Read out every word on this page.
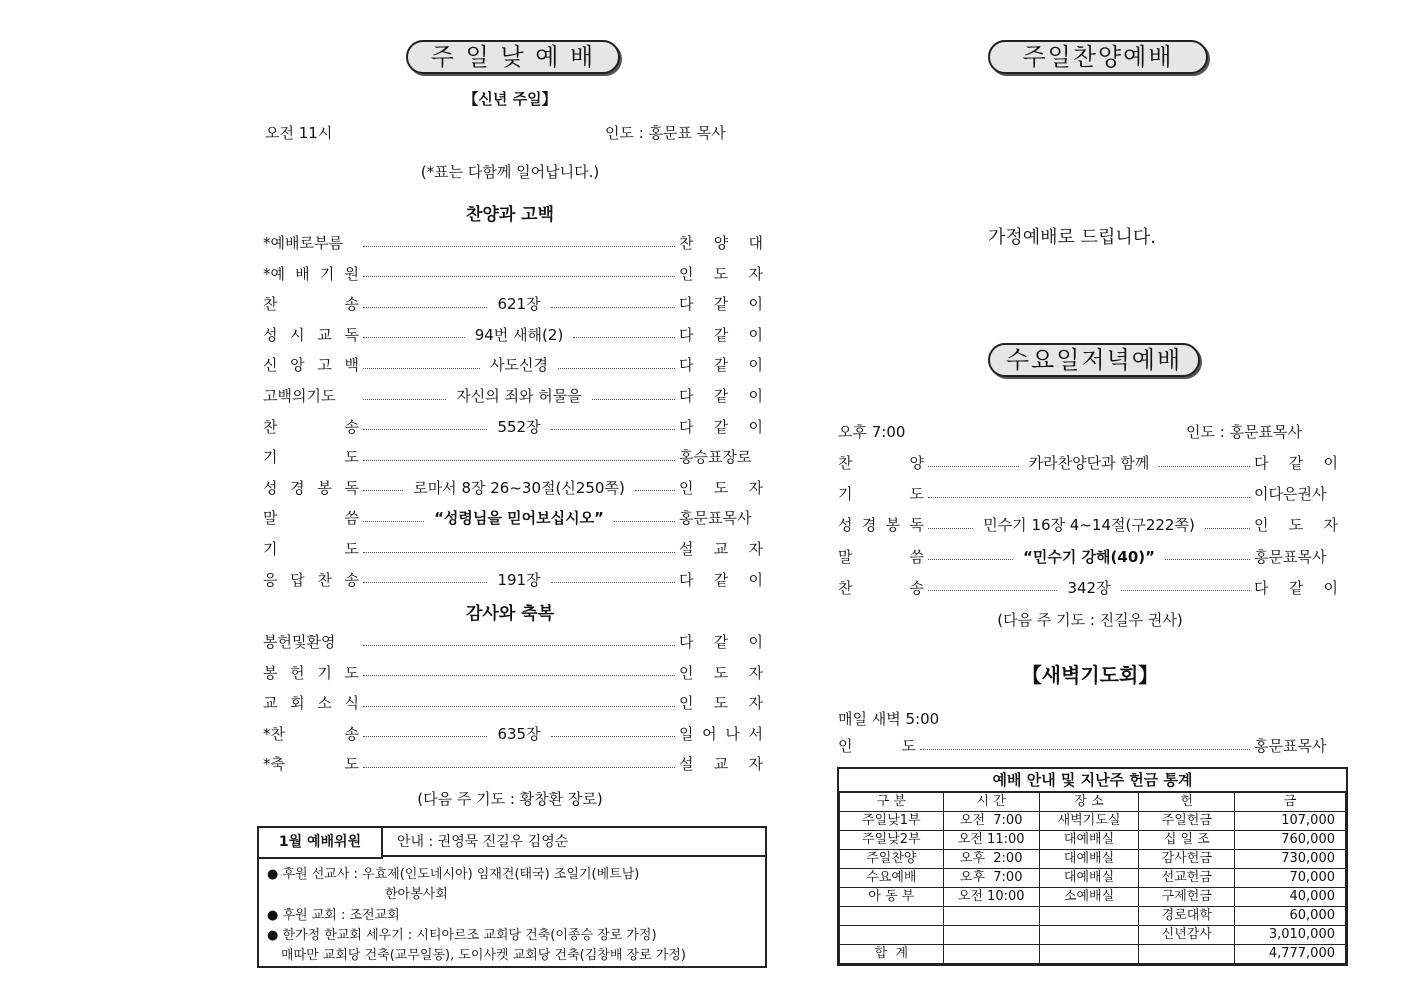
주 일 낮 예 배
【신년 주일】
오전 11시	인도 : 홍문표 목사
(*표는 다함께 일어납니다.)
찬양과 고백
*예배로부름	찬 양 대
*예 배 기 원	인 도 자
찬 송	621장	다 같 이
성 시 교 독	94번 새해(2)	다 같 이
신 앙 고 백	사도신경	다 같 이
고백의기도	자신의 죄와 허물을	다 같 이
찬 송	552장	다 같 이
기 도	홍승표장로
성 경 봉 독	로마서 8장 26~30절(신250쪽)	인 도 자
말 씀	“성령님을 믿어보십시오”	홍문표목사
기 도	설 교 자
응 답 찬 송	191장	다 같 이
감사와 축복
봉헌및환영	다 같 이
봉 헌 기 도	인 도 자
교 회 소 식	인 도 자
*찬 송	635장	일 어 나 서
*축 도	설 교 자
(다음 주 기도 : 황창환 장로)
1월 예배위원	안내 : 권영묵 진길우 김영순
● 후원 선교사 : 우효제(인도네시아) 임재건(태국) 조일기(베트남)
한아봉사회
● 후원 교회 : 조전교회
● 한가정 한교회 세우기 : 시티아르조 교회당 건축(이종승 장로 가정)
매따만 교회당 건축(교무일동), 도이사켓 교회당 건축(김창배 장로 가정)
주일찬양예배
가정예배로 드립니다.
수요일저녁예배
오후 7:00	인도 : 홍문표목사
찬 양	카라찬양단과 함께	다 같 이
기 도	이다은권사
성 경 봉 독	민수기 16장 4~14절(구222쪽)	인 도 자
말 씀	“민수기 강해(40)”	홍문표목사
찬 송	342장	다 같 이
(다음 주 기도 : 진길우 권사)
【새벽기도회】
매일 새벽 5:00
인 도	홍문표목사
예배 안내 및 지난주 헌금 통계
구 분	시 간	장 소	헌	금
주일낮1부	오전  7:00	새벽기도실	주일헌금	107,000
주일낮2부	오전 11:00	대예배실	십 일 조	760,000
주일찬양	오후  2:00	대예배실	감사헌금	730,000
수요예배	오후  7:00	대예배실	선교헌금	70,000
아 동 부	오전 10:00	소예배실	구제헌금	40,000
			경로대학	60,000
			신년감사	3,010,000
합  계				4,777,000
